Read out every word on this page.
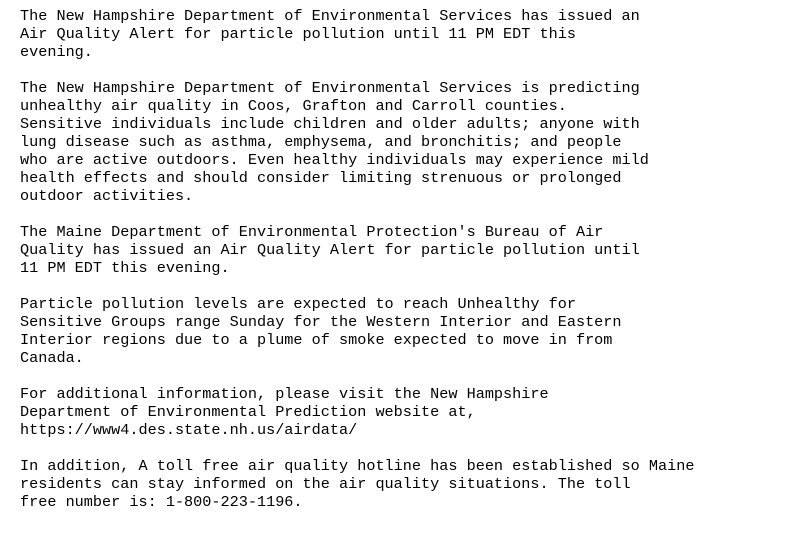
The New Hampshire Department of Environmental Services has issued an
Air Quality Alert for particle pollution until 11 PM EDT this
evening.
The New Hampshire Department of Environmental Services is predicting
unhealthy air quality in Coos, Grafton and Carroll counties.
Sensitive individuals include children and older adults; anyone with
lung disease such as asthma, emphysema, and bronchitis; and people
who are active outdoors. Even healthy individuals may experience mild
health effects and should consider limiting strenuous or prolonged
outdoor activities.
The Maine Department of Environmental Protection's Bureau of Air
Quality has issued an Air Quality Alert for particle pollution until
11 PM EDT this evening.
Particle pollution levels are expected to reach Unhealthy for
Sensitive Groups range Sunday for the Western Interior and Eastern
Interior regions due to a plume of smoke expected to move in from
Canada.
For additional information, please visit the New Hampshire
Department of Environmental Prediction website at,
https://www4.des.state.nh.us/airdata/
In addition, A toll free air quality hotline has been established so Maine
residents can stay informed on the air quality situations. The toll
free number is: 1-800-223-1196.
